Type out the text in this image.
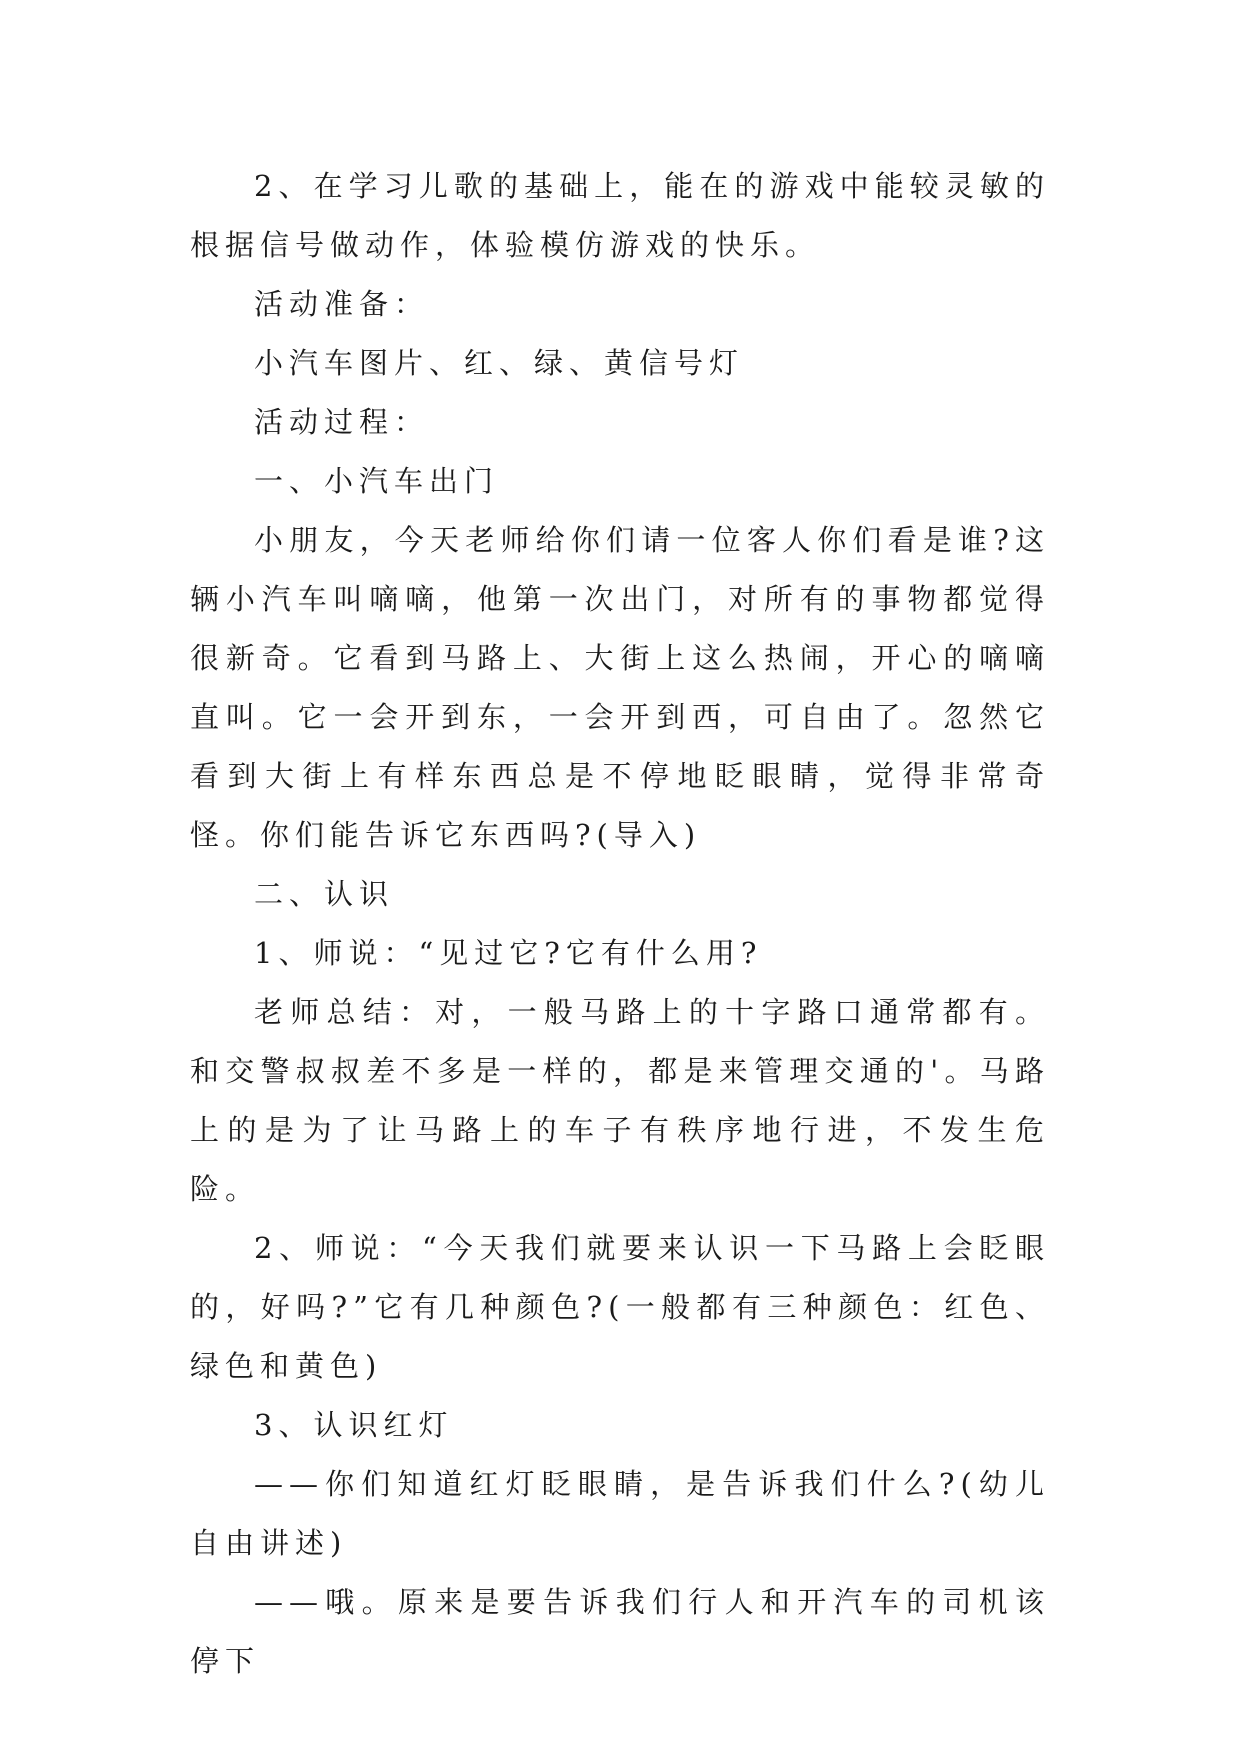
2、在学习儿歌的基础上，能在的游戏中能较灵敏的根据信号做动作，体验模仿游戏的快乐。

活动准备：

小汽车图片、红、绿、黄信号灯

活动过程：

一、小汽车出门

小朋友，今天老师给你们请一位客人你们看是谁?这辆小汽车叫嘀嘀，他第一次出门，对所有的事物都觉得很新奇。它看到马路上、大街上这么热闹，开心的嘀嘀直叫。它一会开到东，一会开到西，可自由了。忽然它看到大街上有样东西总是不停地眨眼睛，觉得非常奇怪。你们能告诉它东西吗?(导入)

二、认识

1、师说：“见过它?它有什么用?

老师总结：对，一般马路上的十字路口通常都有。和交警叔叔差不多是一样的，都是来管理交通的'。马路上的是为了让马路上的车子有秩序地行进，不发生危险。

2、师说：“今天我们就要来认识一下马路上会眨眼的，好吗?”它有几种颜色?(一般都有三种颜色：红色、绿色和黄色)

3、认识红灯

——你们知道红灯眨眼睛，是告诉我们什么?(幼儿自由讲述)

——哦。原来是要告诉我们行人和开汽车的司机该停下
